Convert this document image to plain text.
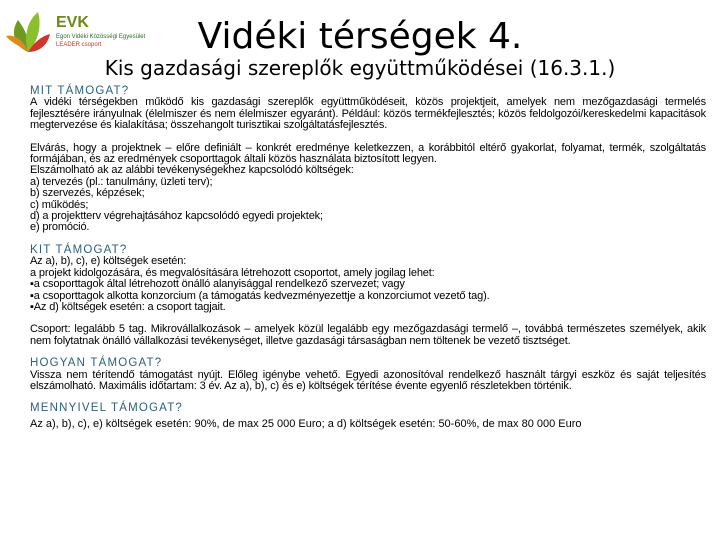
EVK
Egon Vidéki Közösségi Egyesület
LEADER csoport	Vidéki térségek 4.
Kis gazdasági szereplők együttműködései (16.3.1.)

MIT TÁMOGAT?

A vidéki térségekben működő kis gazdasági szereplők együttműködéseit, közös projektjeit, amelyek nem mezőgazdasági termelés fejlesztésére irányulnak (élelmiszer és nem élelmiszer egyaránt). Például: közös termékfejlesztés; közös feldolgozói/kereskedelmi kapacitások megtervezése és kialakítása; összehangolt turisztikai szolgáltatásfejlesztés.

Elvárás, hogy a projektnek – előre definiált – konkrét eredménye keletkezzen, a korábbitól eltérő gyakorlat, folyamat, termék, szolgáltatás formájában, és az eredmények csoporttagok általi közös használata biztosított legyen.

Elszámolható ak az alábbi tevékenységekhez kapcsolódó költségek:

a) tervezés (pl.: tanulmány, üzleti terv);

b) szervezés, képzések;

c) működés;

d) a projektterv végrehajtásához kapcsolódó egyedi projektek;

e) promóció.

KIT TÁMOGAT?

Az a), b), c), e) költségek esetén:

a projekt kidolgozására, és megvalósítására létrehozott csoportot, amely jogilag lehet:

▪a csoporttagok által létrehozott önálló alanyisággal rendelkező szervezet; vagy

▪a csoporttagok alkotta konzorcium (a támogatás kedvezményezettje a konzorciumot vezető tag).

▪Az d) költségek esetén: a csoport tagjait.

Csoport: legalább 5 tag. Mikrovállalkozások – amelyek közül legalább egy mezőgazdasági termelő –, továbbá természetes személyek, akik nem folytatnak önálló vállalkozási tevékenységet, illetve gazdasági társaságban nem töltenek be vezető tisztséget.

HOGYAN TÁMOGAT?

Vissza nem térítendő támogatást nyújt. Előleg igénybe vehető. Egyedi azonosítóval rendelkező használt tárgyi eszköz és saját teljesítés elszámolható. Maximális időtartam: 3 év. Az a), b), c) és e) költségek térítése évente egyenlő részletekben történik.

MENNYIVEL TÁMOGAT?

Az a), b), c), e) költségek esetén: 90%, de max 25 000 Euro; a d) költségek esetén: 50-60%, de max 80 000 Euro
